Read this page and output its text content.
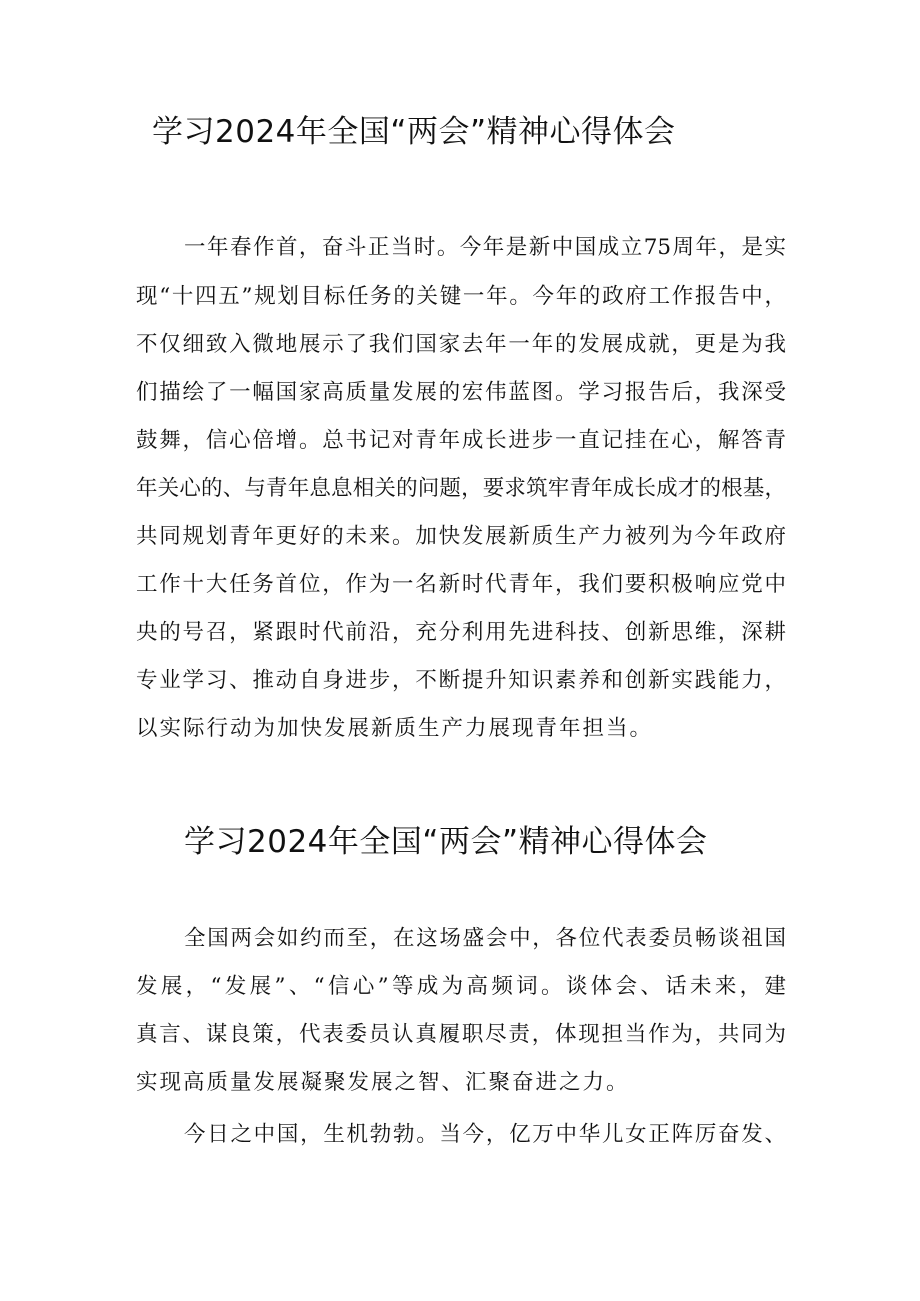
学习2024年全国“两会”精神心得体会
一年春作首，奋斗正当时。今年是新中国成立75周年，是实
现“十四五”规划目标任务的关键一年。今年的政府工作报告中，
不仅细致入微地展示了我们国家去年一年的发展成就，更是为我
们描绘了一幅国家高质量发展的宏伟蓝图。学习报告后，我深受
鼓舞，信心倍增。总书记对青年成长进步一直记挂在心，解答青
年关心的、与青年息息相关的问题，要求筑牢青年成长成才的根基，
共同规划青年更好的未来。加快发展新质生产力被列为今年政府
工作十大任务首位，作为一名新时代青年，我们要积极响应党中
央的号召，紧跟时代前沿，充分利用先进科技、创新思维，深耕
专业学习、推动自身进步，不断提升知识素养和创新实践能力，
以实际行动为加快发展新质生产力展现青年担当。
学习2024年全国“两会”精神心得体会
全国两会如约而至，在这场盛会中，各位代表委员畅谈祖国
发展，“发展”、“信心”等成为高频词。谈体会、话未来，建
真言、谋良策，代表委员认真履职尽责，体现担当作为，共同为
实现高质量发展凝聚发展之智、汇聚奋进之力。
今日之中国，生机勃勃。当今，亿万中华儿女正阵厉奋发、
